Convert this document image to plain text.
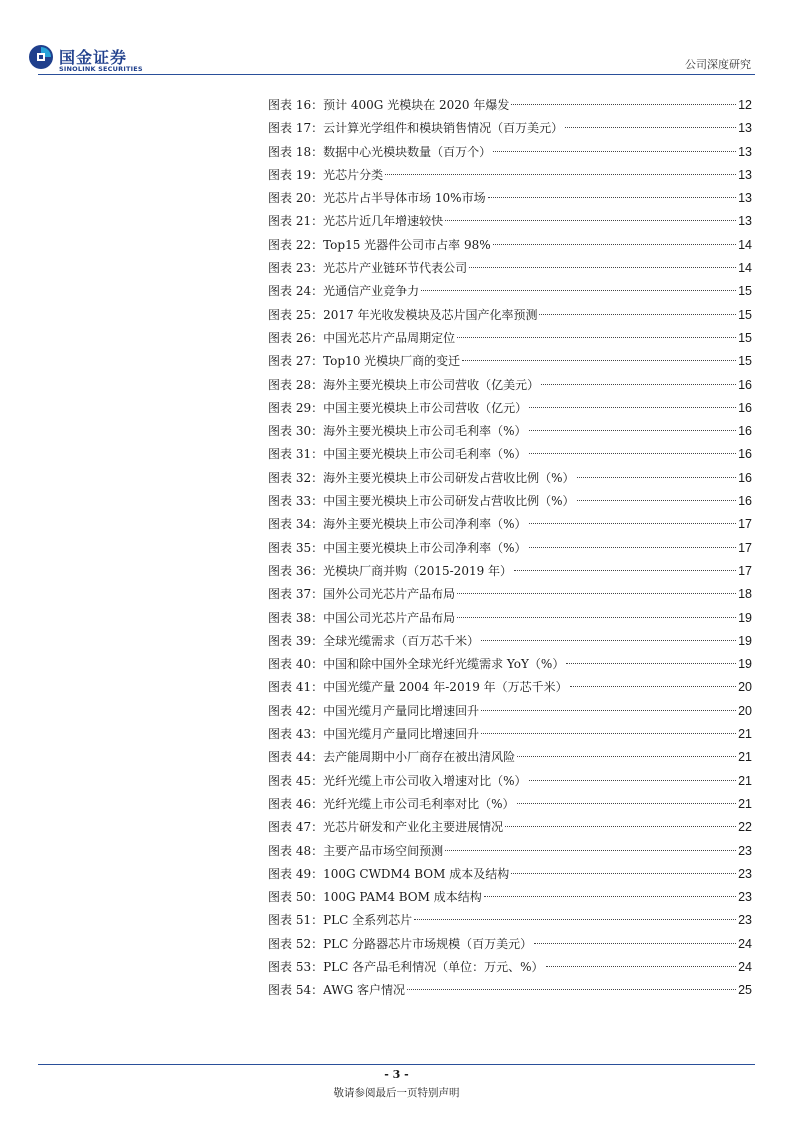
国金证券
SINOLINK SECURITIES	公司深度研究
图表 16：预计 400G 光模块在 2020 年爆发	12
图表 17：云计算光学组件和模块销售情况（百万美元）	13
图表 18：数据中心光模块数量（百万个）	13
图表 19：光芯片分类	13
图表 20：光芯片占半导体市场 10%市场	13
图表 21：光芯片近几年增速较快	13
图表 22：Top15 光器件公司市占率 98%	14
图表 23：光芯片产业链环节代表公司	14
图表 24：光通信产业竞争力	15
图表 25：2017 年光收发模块及芯片国产化率预测	15
图表 26：中国光芯片产品周期定位	15
图表 27：Top10 光模块厂商的变迁	15
图表 28：海外主要光模块上市公司营收（亿美元）	16
图表 29：中国主要光模块上市公司营收（亿元）	16
图表 30：海外主要光模块上市公司毛利率（%）	16
图表 31：中国主要光模块上市公司毛利率（%）	16
图表 32：海外主要光模块上市公司研发占营收比例（%）	16
图表 33：中国主要光模块上市公司研发占营收比例（%）	16
图表 34：海外主要光模块上市公司净利率（%）	17
图表 35：中国主要光模块上市公司净利率（%）	17
图表 36：光模块厂商并购（2015-2019 年）	17
图表 37：国外公司光芯片产品布局	18
图表 38：中国公司光芯片产品布局	19
图表 39：全球光缆需求（百万芯千米）	19
图表 40：中国和除中国外全球光纤光缆需求 YoY（%）	19
图表 41：中国光缆产量 2004 年-2019 年（万芯千米）	20
图表 42：中国光缆月产量同比增速回升	20
图表 43：中国光缆月产量同比增速回升	21
图表 44：去产能周期中小厂商存在被出清风险	21
图表 45：光纤光缆上市公司收入增速对比（%）	21
图表 46：光纤光缆上市公司毛利率对比（%）	21
图表 47：光芯片研发和产业化主要进展情况	22
图表 48：主要产品市场空间预测	23
图表 49：100G CWDM4 BOM 成本及结构	23
图表 50：100G PAM4 BOM 成本结构	23
图表 51：PLC 全系列芯片	23
图表 52：PLC 分路器芯片市场规模（百万美元）	24
图表 53：PLC 各产品毛利情况（单位：万元、%）	24
图表 54：AWG 客户情况	25
- 3 -
敬请参阅最后一页特别声明
